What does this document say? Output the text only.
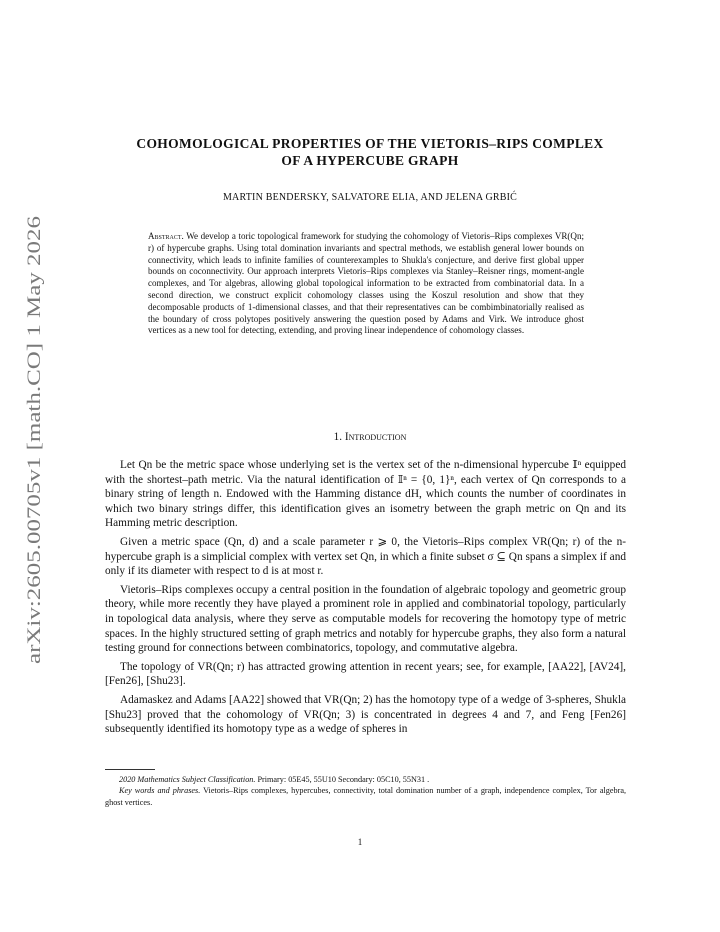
arXiv:2605.00705v1 [math.CO] 1 May 2026
COHOMOLOGICAL PROPERTIES OF THE VIETORIS–RIPS COMPLEX
OF A HYPERCUBE GRAPH
MARTIN BENDERSKY, SALVATORE ELIA, AND JELENA GRBIĆ
Abstract. We develop a toric topological framework for studying the cohomology of Vietoris–Rips complexes VR(Qn; r) of hypercube graphs. Using total domination invariants and spectral methods, we establish general lower bounds on connectivity, which leads to infinite families of counterexamples to Shukla's conjecture, and derive first global upper bounds on coconnectivity. Our approach interprets Vietoris–Rips complexes via Stanley–Reisner rings, moment-angle complexes, and Tor algebras, allowing global topological information to be extracted from combinatorial data. In a second direction, we construct explicit cohomology classes using the Koszul resolution and show that they decomposable products of 1-dimensional classes, and that their representatives can be combimbinatorially realised as the boundary of cross polytopes positively answering the question posed by Adams and Virk. We introduce ghost vertices as a new tool for detecting, extending, and proving linear independence of cohomology classes.
1. Introduction

Let Qn be the metric space whose underlying set is the vertex set of the n-dimensional hypercube 𝕀ⁿ equipped with the shortest–path metric. Via the natural identification of 𝕀ⁿ = {0, 1}ⁿ, each vertex of Qn corresponds to a binary string of length n. Endowed with the Hamming distance dH, which counts the number of coordinates in which two binary strings differ, this identification gives an isometry between the graph metric on Qn and its Hamming metric description.

Given a metric space (Qn, d) and a scale parameter r ⩾ 0, the Vietoris–Rips complex VR(Qn; r) of the n-hypercube graph is a simplicial complex with vertex set Qn, in which a finite subset σ ⊆ Qn spans a simplex if and only if its diameter with respect to d is at most r.

Vietoris–Rips complexes occupy a central position in the foundation of algebraic topology and geometric group theory, while more recently they have played a prominent role in applied and combinatorial topology, particularly in topological data analysis, where they serve as computable models for recovering the homotopy type of metric spaces. In the highly structured setting of graph metrics and notably for hypercube graphs, they also form a natural testing ground for connections between combinatorics, topology, and commutative algebra.

The topology of VR(Qn; r) has attracted growing attention in recent years; see, for example, [AA22], [AV24], [Fen26], [Shu23].

Adamaskez and Adams [AA22] showed that VR(Qn; 2) has the homotopy type of a wedge of 3-spheres, Shukla [Shu23] proved that the cohomology of VR(Qn; 3) is concentrated in degrees 4 and 7, and Feng [Fen26] subsequently identified its homotopy type as a wedge of spheres in

2020 Mathematics Subject Classification. Primary: 05E45, 55U10 Secondary: 05C10, 55N31 .
Key words and phrases. Vietoris–Rips complexes, hypercubes, connectivity, total domination number of a graph, independence complex, Tor algebra, ghost vertices.
1
